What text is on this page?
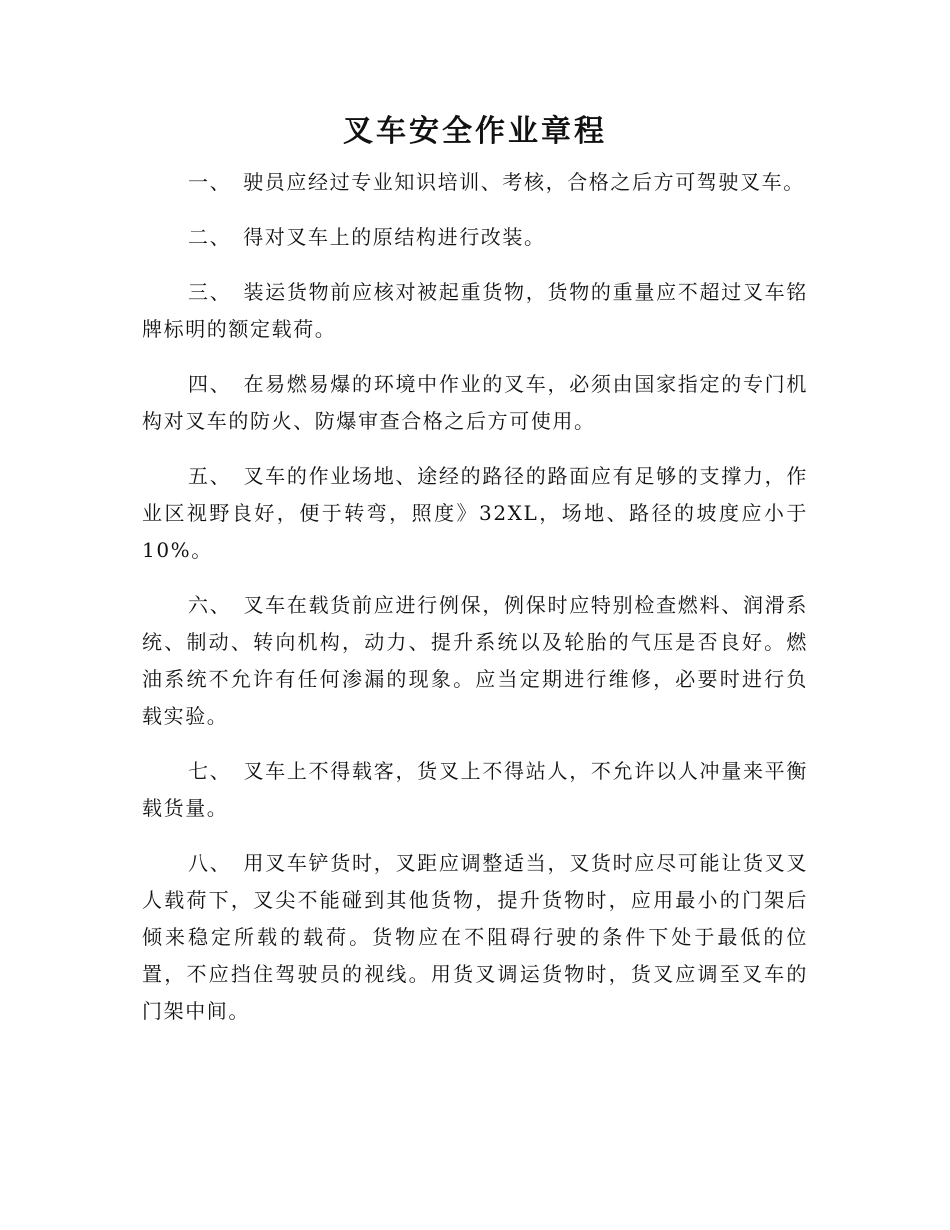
叉车安全作业章程

一、 驶员应经过专业知识培训、考核，合格之后方可驾驶叉车。

二、 得对叉车上的原结构进行改装。

三、 装运货物前应核对被起重货物，货物的重量应不超过叉车铭牌标明的额定载荷。

四、 在易燃易爆的环境中作业的叉车，必须由国家指定的专门机构对叉车的防火、防爆审查合格之后方可使用。

五、 叉车的作业场地、途经的路径的路面应有足够的支撑力，作业区视野良好，便于转弯，照度》32XL，场地、路径的坡度应小于10%。

六、 叉车在载货前应进行例保，例保时应特别检查燃料、润滑系统、制动、转向机构，动力、提升系统以及轮胎的气压是否良好。燃油系统不允许有任何渗漏的现象。应当定期进行维修，必要时进行负载实验。

七、 叉车上不得载客，货叉上不得站人，不允许以人冲量来平衡载货量。

八、 用叉车铲货时，叉距应调整适当，叉货时应尽可能让货叉叉人载荷下，叉尖不能碰到其他货物，提升货物时，应用最小的门架后倾来稳定所载的载荷。货物应在不阻碍行驶的条件下处于最低的位置，不应挡住驾驶员的视线。用货叉调运货物时，货叉应调至叉车的门架中间。
